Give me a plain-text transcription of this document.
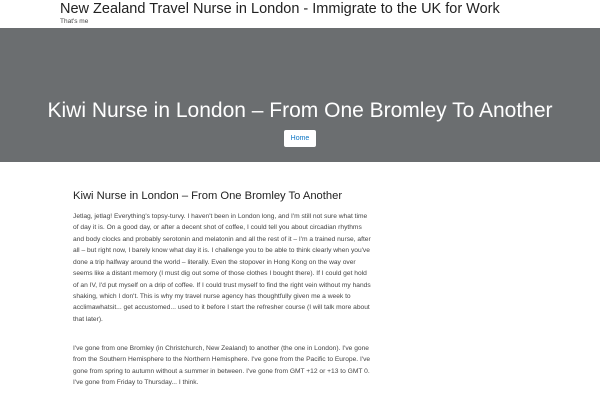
New Zealand Travel Nurse in London - Immigrate to the UK for Work
That's me
Kiwi Nurse in London – From One Bromley To Another
Home
Kiwi Nurse in London – From One Bromley To Another

Jetlag, jetlag! Everything's topsy-turvy. I haven't been in London long, and I'm still not sure what time of day it is. On a good day, or after a decent shot of coffee, I could tell you about circadian rhythms and body clocks and probably serotonin and melatonin and all the rest of it – I'm a trained nurse, after all – but right now, I barely know what day it is. I challenge you to be able to think clearly when you've done a trip halfway around the world – literally. Even the stopover in Hong Kong on the way over seems like a distant memory (I must dig out some of those clothes I bought there). If I could get hold of an IV, I'd put myself on a drip of coffee. If I could trust myself to find the right vein without my hands shaking, which I don't. This is why my travel nurse agency has thoughtfully given me a week to acclimawhatsit... get accustomed... used to it before I start the refresher course (I will talk more about that later).

I've gone from one Bromley (in Christchurch, New Zealand) to another (the one in London). I've gone from the Southern Hemisphere to the Northern Hemisphere. I've gone from the Pacific to Europe. I've gone from spring to autumn without a summer in between. I've gone from GMT +12 or +13 to GMT 0. I've gone from Friday to Thursday... I think.
